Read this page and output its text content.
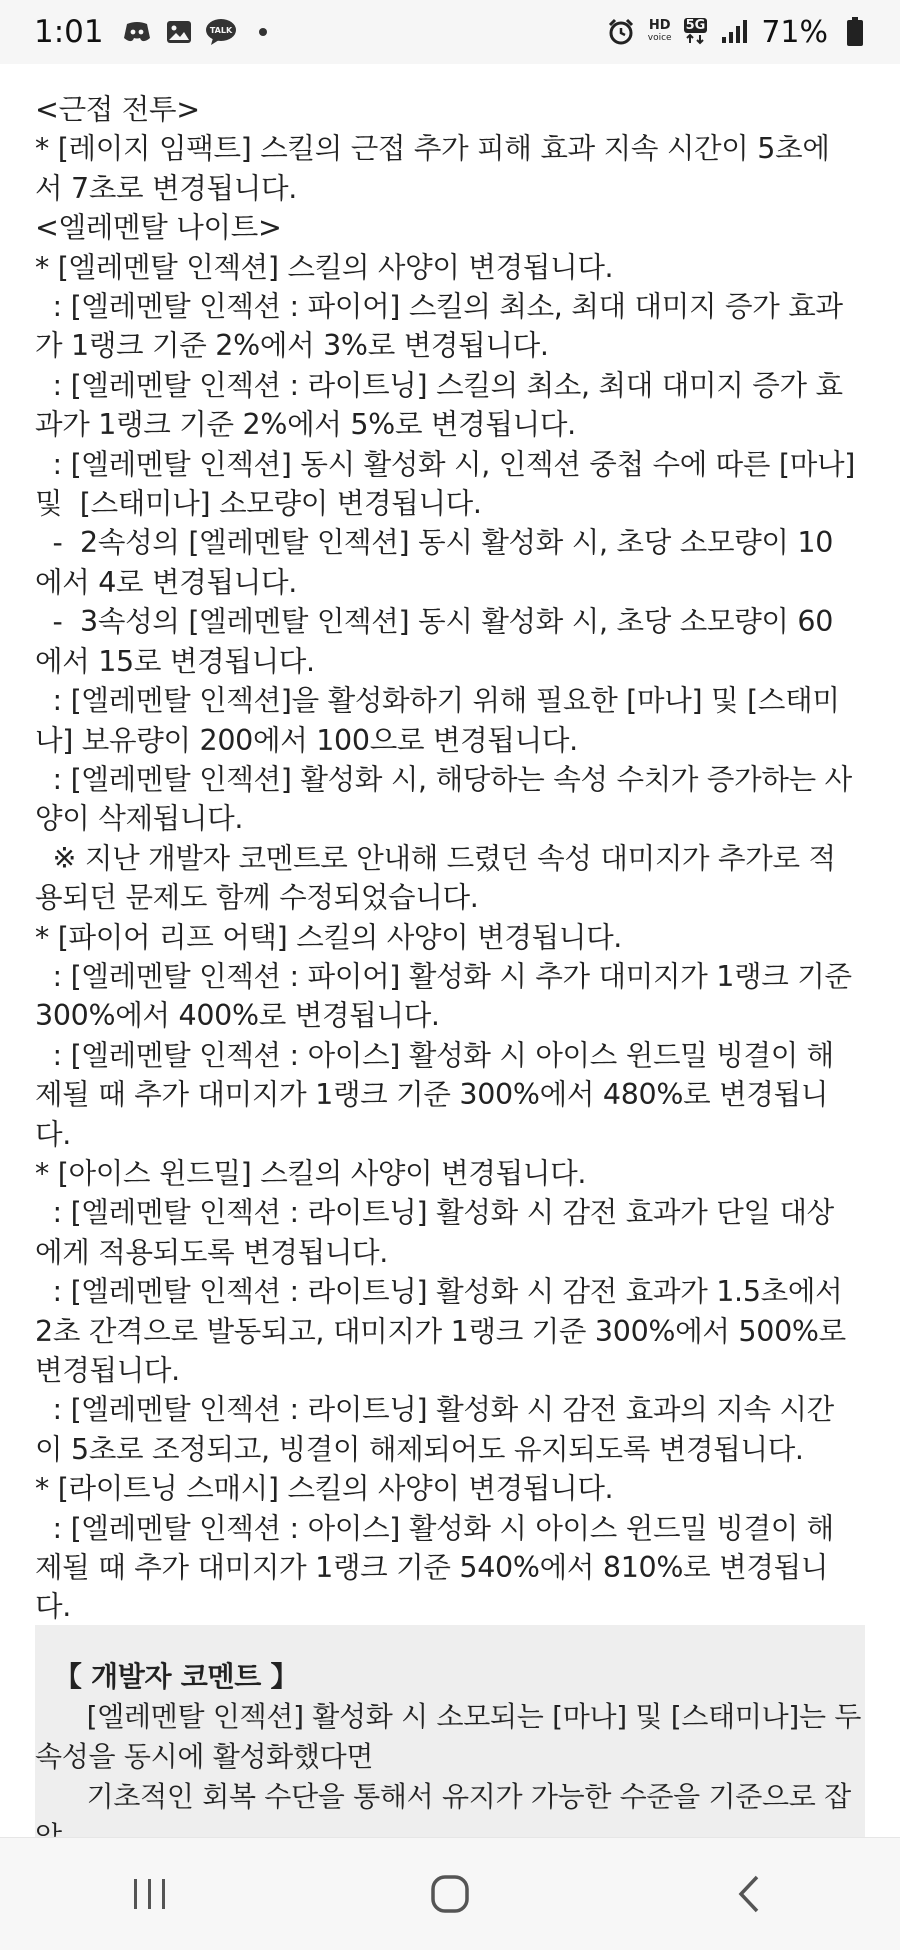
1:01	TALK	HD
voice
5G 71%

<근접 전투>

* [레이지 임팩트] 스킬의 근접 추가 피해 효과 지속 시간이 5초에
서 7초로 변경됩니다.

<엘레멘탈 나이트>

* [엘레멘탈 인젝션] 스킬의 사양이 변경됩니다.

: [엘레멘탈 인젝션 : 파이어] 스킬의 최소, 최대 대미지 증가 효과
가 1랭크 기준 2%에서 3%로 변경됩니다.

: [엘레멘탈 인젝션 : 라이트닝] 스킬의 최소, 최대 대미지 증가 효
과가 1랭크 기준 2%에서 5%로 변경됩니다.

: [엘레멘탈 인젝션] 동시 활성화 시, 인젝션 중첩 수에 따른 [마나]
및  [스태미나] 소모량이 변경됩니다.

-  2속성의 [엘레멘탈 인젝션] 동시 활성화 시, 초당 소모량이 10
에서 4로 변경됩니다.

-  3속성의 [엘레멘탈 인젝션] 동시 활성화 시, 초당 소모량이 60
에서 15로 변경됩니다.

: [엘레멘탈 인젝션]을 활성화하기 위해 필요한 [마나] 및 [스태미
나] 보유량이 200에서 100으로 변경됩니다.

: [엘레멘탈 인젝션] 활성화 시, 해당하는 속성 수치가 증가하는 사
양이 삭제됩니다.

※ 지난 개발자 코멘트로 안내해 드렸던 속성 대미지가 추가로 적
용되던 문제도 함께 수정되었습니다.

* [파이어 리프 어택] 스킬의 사양이 변경됩니다.

: [엘레멘탈 인젝션 : 파이어] 활성화 시 추가 대미지가 1랭크 기준
300%에서 400%로 변경됩니다.

: [엘레멘탈 인젝션 : 아이스] 활성화 시 아이스 윈드밀 빙결이 해
제될 때 추가 대미지가 1랭크 기준 300%에서 480%로 변경됩니
다.

* [아이스 윈드밀] 스킬의 사양이 변경됩니다.

: [엘레멘탈 인젝션 : 라이트닝] 활성화 시 감전 효과가 단일 대상
에게 적용되도록 변경됩니다.

: [엘레멘탈 인젝션 : 라이트닝] 활성화 시 감전 효과가 1.5초에서
2초 간격으로 발동되고, 대미지가 1랭크 기준 300%에서 500%로
변경됩니다.

: [엘레멘탈 인젝션 : 라이트닝] 활성화 시 감전 효과의 지속 시간
이 5초로 조정되고, 빙결이 해제되어도 유지되도록 변경됩니다.

* [라이트닝 스매시] 스킬의 사양이 변경됩니다.

: [엘레멘탈 인젝션 : 아이스] 활성화 시 아이스 윈드밀 빙결이 해
제될 때 추가 대미지가 1랭크 기준 540%에서 810%로 변경됩니
다.

【 개발자 코멘트 】

[엘레멘탈 인젝션] 활성화 시 소모되는 [마나] 및 [스태미나]는 두
속성을 동시에 활성화했다면

기초적인 회복 수단을 통해서 유지가 가능한 수준을 기준으로 잡
